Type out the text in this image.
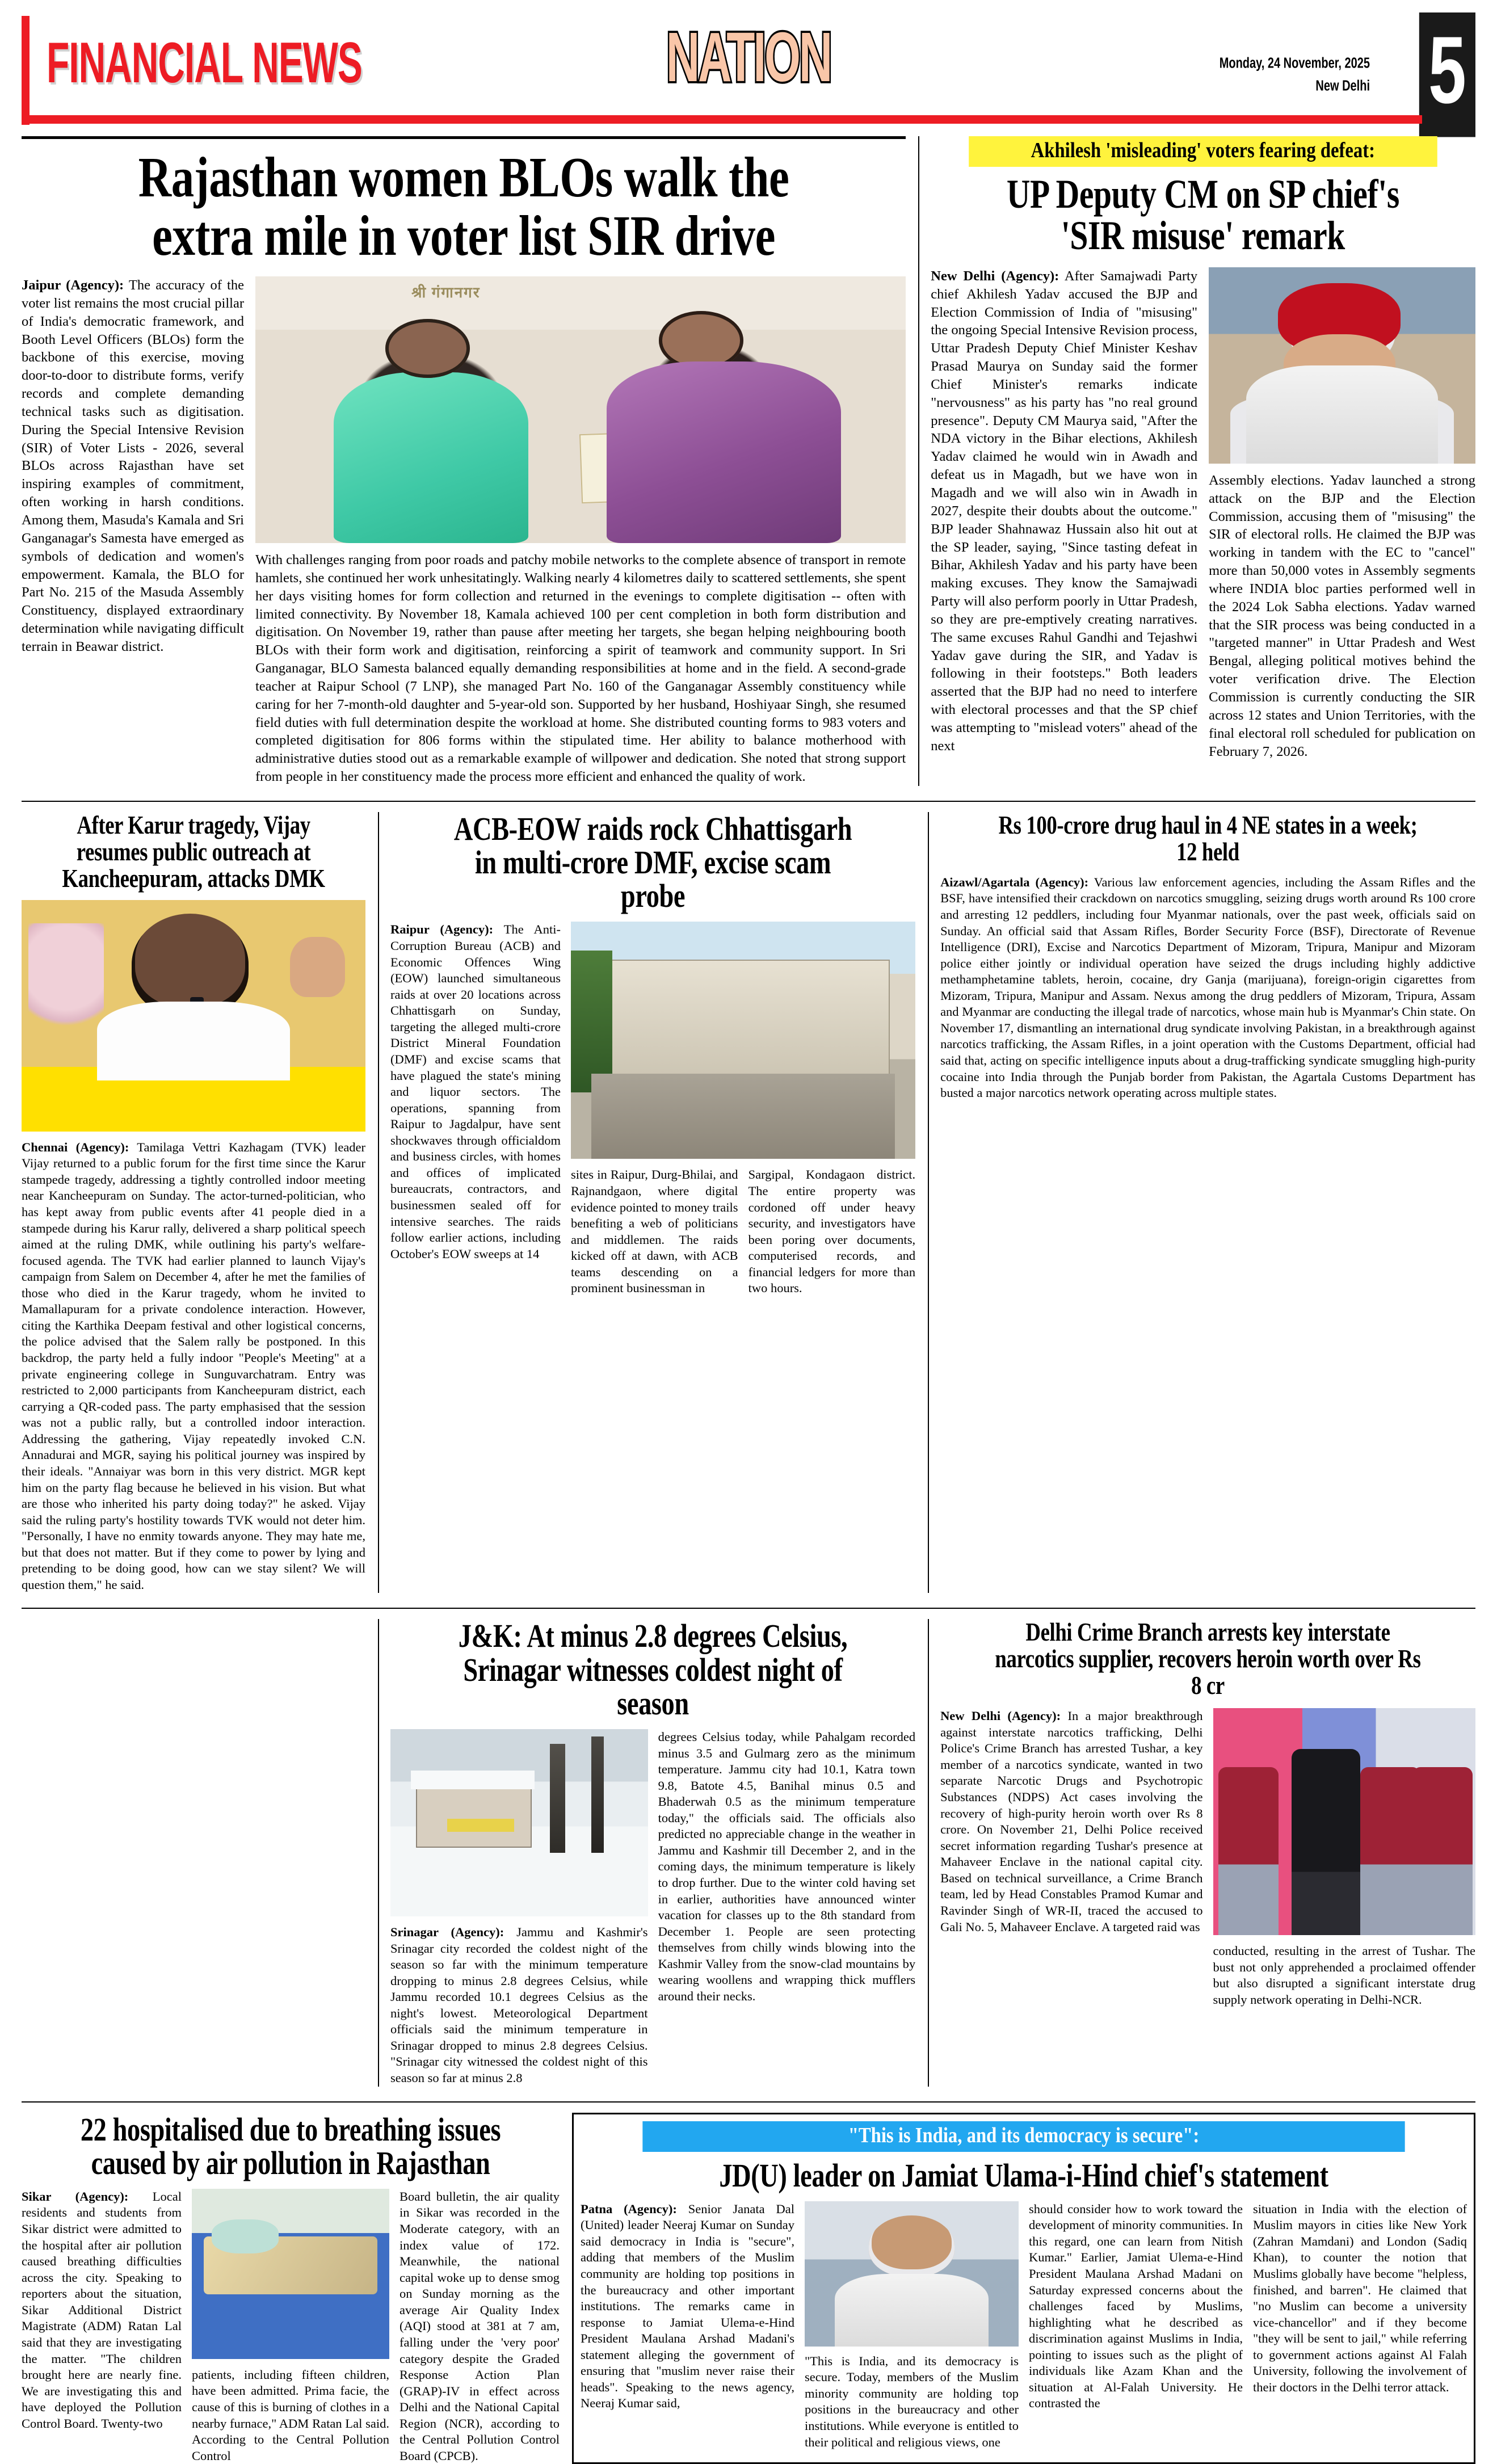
FINANCIAL NEWS	NATION	Monday, 24 November, 2025
New Delhi 5
Rajasthan women BLOs walk the extra mile in voter list SIR drive
Jaipur (Agency): The accuracy of the voter list remains the most crucial pillar of India's democratic framework, and Booth Level Officers (BLOs) form the backbone of this exercise, moving door-to-door to distribute forms, verify records and complete demanding technical tasks such as digitisation. During the Special Intensive Revision (SIR) of Voter Lists - 2026, several BLOs across Rajasthan have set inspiring examples of commitment, often working in harsh conditions. Among them, Masuda's Kamala and Sri Ganganagar's Samesta have emerged as symbols of dedication and women's empowerment. Kamala, the BLO for Part No. 215 of the Masuda Assembly Constituency, displayed extraordinary determination while navigating difficult terrain in Beawar district.
श्री गंगानगर
With challenges ranging from poor roads and patchy mobile networks to the complete absence of transport in remote hamlets, she continued her work unhesitatingly. Walking nearly 4 kilometres daily to scattered settlements, she spent her days visiting homes for form collection and returned in the evenings to complete digitisation -- often with limited connectivity. By November 18, Kamala achieved 100 per cent completion in both form distribution and digitisation. On November 19, rather than pause after meeting her targets, she began helping neighbouring booth BLOs with their form work and digitisation, reinforcing a spirit of teamwork and community support. In Sri Ganganagar, BLO Samesta balanced equally demanding responsibilities at home and in the field. A second-grade teacher at Raipur School (7 LNP), she managed Part No. 160 of the Ganganagar Assembly constituency while caring for her 7-month-old daughter and 5-year-old son. Supported by her husband, Hoshiyaar Singh, she resumed field duties with full determination despite the workload at home. She distributed counting forms to 983 voters and completed digitisation for 806 forms within the stipulated time. Her ability to balance motherhood with administrative duties stood out as a remarkable example of willpower and dedication. She noted that strong support from people in her constituency made the process more efficient and enhanced the quality of work.
Akhilesh 'misleading' voters fearing defeat:
UP Deputy CM on SP chief's 'SIR misuse' remark
New Delhi (Agency): After Samajwadi Party chief Akhilesh Yadav accused the BJP and Election Commission of India of "misusing" the ongoing Special Intensive Revision process, Uttar Pradesh Deputy Chief Minister Keshav Prasad Maurya on Sunday said the former Chief Minister's remarks indicate "nervousness" as his party has "no real ground presence". Deputy CM Maurya said, "After the NDA victory in the Bihar elections, Akhilesh Yadav claimed he would win in Awadh and defeat us in Magadh, but we have won in Magadh and we will also win in Awadh in 2027, despite their doubts about the outcome." BJP leader Shahnawaz Hussain also hit out at the SP leader, saying, "Since tasting defeat in Bihar, Akhilesh Yadav and his party have been making excuses. They know the Samajwadi Party will also perform poorly in Uttar Pradesh, so they are pre-emptively creating narratives. The same excuses Rahul Gandhi and Tejashwi Yadav gave during the SIR, and Yadav is following in their footsteps." Both leaders asserted that the BJP had no need to interfere with electoral processes and that the SP chief was attempting to "mislead voters" ahead of the next
Assembly elections. Yadav launched a strong attack on the BJP and the Election Commission, accusing them of "misusing" the SIR of electoral rolls. He claimed the BJP was working in tandem with the EC to "cancel" more than 50,000 votes in Assembly segments where INDIA bloc parties performed well in the 2024 Lok Sabha elections. Yadav warned that the SIR process was being conducted in a "targeted manner" in Uttar Pradesh and West Bengal, alleging political motives behind the voter verification drive. The Election Commission is currently conducting the SIR across 12 states and Union Territories, with the final electoral roll scheduled for publication on February 7, 2026.
After Karur tragedy, Vijay resumes public outreach at Kancheepuram, attacks DMK
Chennai (Agency): Tamilaga Vettri Kazhagam (TVK) leader Vijay returned to a public forum for the first time since the Karur stampede tragedy, addressing a tightly controlled indoor meeting near Kancheepuram on Sunday. The actor-turned-politician, who has kept away from public events after 41 people died in a stampede during his Karur rally, delivered a sharp political speech aimed at the ruling DMK, while outlining his party's welfare-focused agenda. The TVK had earlier planned to launch Vijay's campaign from Salem on December 4, after he met the families of those who died in the Karur tragedy, whom he invited to Mamallapuram for a private condolence interaction. However, citing the Karthika Deepam festival and other logistical concerns, the police advised that the Salem rally be postponed. In this backdrop, the party held a fully indoor "People's Meeting" at a private engineering college in Sunguvarchatram. Entry was restricted to 2,000 participants from Kancheepuram district, each carrying a QR-coded pass. The party emphasised that the session was not a public rally, but a controlled indoor interaction. Addressing the gathering, Vijay repeatedly invoked C.N. Annadurai and MGR, saying his political journey was inspired by their ideals. "Annaiyar was born in this very district. MGR kept him on the party flag because he believed in his vision. But what are those who inherited his party doing today?" he asked. Vijay said the ruling party's hostility towards TVK would not deter him. "Personally, I have no enmity towards anyone. They may hate me, but that does not matter. But if they come to power by lying and pretending to be doing good, how can we stay silent? We will question them," he said.
ACB-EOW raids rock Chhattisgarh in multi-crore DMF, excise scam probe
Raipur (Agency): The Anti-Corruption Bureau (ACB) and Economic Offences Wing (EOW) launched simultaneous raids at over 20 locations across Chhattisgarh on Sunday, targeting the alleged multi-crore District Mineral Foundation (DMF) and excise scams that have plagued the state's mining and liquor sectors. The operations, spanning from Raipur to Jagdalpur, have sent shockwaves through officialdom and business circles, with homes and offices of implicated bureaucrats, contractors, and businessmen sealed off for intensive searches. The raids follow earlier actions, including October's EOW sweeps at 14
sites in Raipur, Durg-Bhilai, and Rajnandgaon, where digital evidence pointed to money trails benefiting a web of politicians and middlemen. The raids kicked off at dawn, with ACB teams descending on a prominent businessman in
Sargipal, Kondagaon district. The entire property was cordoned off under heavy security, and investigators have been poring over documents, computerised records, and financial ledgers for more than two hours.
Rs 100-crore drug haul in 4 NE states in a week; 12 held
Aizawl/Agartala (Agency): Various law enforcement agencies, including the Assam Rifles and the BSF, have intensified their crackdown on narcotics smuggling, seizing drugs worth around Rs 100 crore and arresting 12 peddlers, including four Myanmar nationals, over the past week, officials said on Sunday. An official said that Assam Rifles, Border Security Force (BSF), Directorate of Revenue Intelligence (DRI), Excise and Narcotics Department of Mizoram, Tripura, Manipur and Mizoram police either jointly or individual operation have seized the drugs including highly addictive methamphetamine tablets, heroin, cocaine, dry Ganja (marijuana), foreign-origin cigarettes from Mizoram, Tripura, Manipur and Assam. Nexus among the drug peddlers of Mizoram, Tripura, Assam and Myanmar are conducting the illegal trade of narcotics, whose main hub is Myanmar's Chin state. On November 17, dismantling an international drug syndicate involving Pakistan, in a breakthrough against narcotics trafficking, the Assam Rifles, in a joint operation with the Customs Department, official had said that, acting on specific intelligence inputs about a drug-trafficking syndicate smuggling high-purity cocaine into India through the Punjab border from Pakistan, the Agartala Customs Department has busted a major narcotics network operating across multiple states.
J&K: At minus 2.8 degrees Celsius, Srinagar witnesses coldest night of season
Srinagar (Agency): Jammu and Kashmir's Srinagar city recorded the coldest night of the season so far with the minimum temperature dropping to minus 2.8 degrees Celsius, while Jammu recorded 10.1 degrees Celsius as the night's lowest. Meteorological Department officials said the minimum temperature in Srinagar dropped to minus 2.8 degrees Celsius. "Srinagar city witnessed the coldest night of this season so far at minus 2.8
degrees Celsius today, while Pahalgam recorded minus 3.5 and Gulmarg zero as the minimum temperature. Jammu city had 10.1, Katra town 9.8, Batote 4.5, Banihal minus 0.5 and Bhaderwah 0.5 as the minimum temperature today," the officials said. The officials also predicted no appreciable change in the weather in Jammu and Kashmir till December 2, and in the coming days, the minimum temperature is likely to drop further. Due to the winter cold having set in earlier, authorities have announced winter vacation for classes up to the 8th standard from December 1. People are seen protecting themselves from chilly winds blowing into the Kashmir Valley from the snow-clad mountains by wearing woollens and wrapping thick mufflers around their necks.
Delhi Crime Branch arrests key interstate narcotics supplier, recovers heroin worth over Rs 8 cr
New Delhi (Agency): In a major breakthrough against interstate narcotics trafficking, Delhi Police's Crime Branch has arrested Tushar, a key member of a narcotics syndicate, wanted in two separate Narcotic Drugs and Psychotropic Substances (NDPS) Act cases involving the recovery of high-purity heroin worth over Rs 8 crore. On November 21, Delhi Police received secret information regarding Tushar's presence at Mahaveer Enclave in the national capital city. Based on technical surveillance, a Crime Branch team, led by Head Constables Pramod Kumar and Ravinder Singh of WR-II, traced the accused to Gali No. 5, Mahaveer Enclave. A targeted raid was
conducted, resulting in the arrest of Tushar. The bust not only apprehended a proclaimed offender but also disrupted a significant interstate drug supply network operating in Delhi-NCR.
22 hospitalised due to breathing issues caused by air pollution in Rajasthan
Sikar (Agency): Local residents and students from Sikar district were admitted to the hospital after air pollution caused breathing difficulties across the city. Speaking to reporters about the situation, Sikar Additional District Magistrate (ADM) Ratan Lal said that they are investigating the matter. "The children brought here are nearly fine. We are investigating this and have deployed the Pollution Control Board. Twenty-two
patients, including fifteen children, have been admitted. Prima facie, the cause of this is burning of clothes in a nearby furnace," ADM Ratan Lal said. According to the Central Pollution Control
Board bulletin, the air quality in Sikar was recorded in the Moderate category, with an index value of 172. Meanwhile, the national capital woke up to dense smog on Sunday morning as the average Air Quality Index (AQI) stood at 381 at 7 am, falling under the 'very poor' category despite the Graded Response Action Plan (GRAP)-IV in effect across Delhi and the National Capital Region (NCR), according to the Central Pollution Control Board (CPCB).
"This is India, and its democracy is secure":
JD(U) leader on Jamiat Ulama-i-Hind chief's statement
Patna (Agency): Senior Janata Dal (United) leader Neeraj Kumar on Sunday said democracy in India is "secure", adding that members of the Muslim community are holding top positions in the bureaucracy and other important institutions. The remarks came in response to Jamiat Ulema-e-Hind President Maulana Arshad Madani's statement alleging the government of ensuring that "muslim never raise their heads". Speaking to the news agency, Neeraj Kumar said,
"This is India, and its democracy is secure. Today, members of the Muslim minority community are holding top positions in the bureaucracy and other institutions. While everyone is entitled to their political and religious views, one
should consider how to work toward the development of minority communities. In this regard, one can learn from Nitish Kumar." Earlier, Jamiat Ulema-e-Hind President Maulana Arshad Madani on Saturday expressed concerns about the challenges faced by Muslims, highlighting what he described as discrimination against Muslims in India, pointing to issues such as the plight of individuals like Azam Khan and the situation at Al-Falah University. He contrasted the
situation in India with the election of Muslim mayors in cities like New York (Zahran Mamdani) and London (Sadiq Khan), to counter the notion that Muslims globally have become "helpless, finished, and barren". He claimed that "no Muslim can become a university vice-chancellor" and if they become "they will be sent to jail," while referring to government actions against Al Falah University, following the involvement of their doctors in the Delhi terror attack.
